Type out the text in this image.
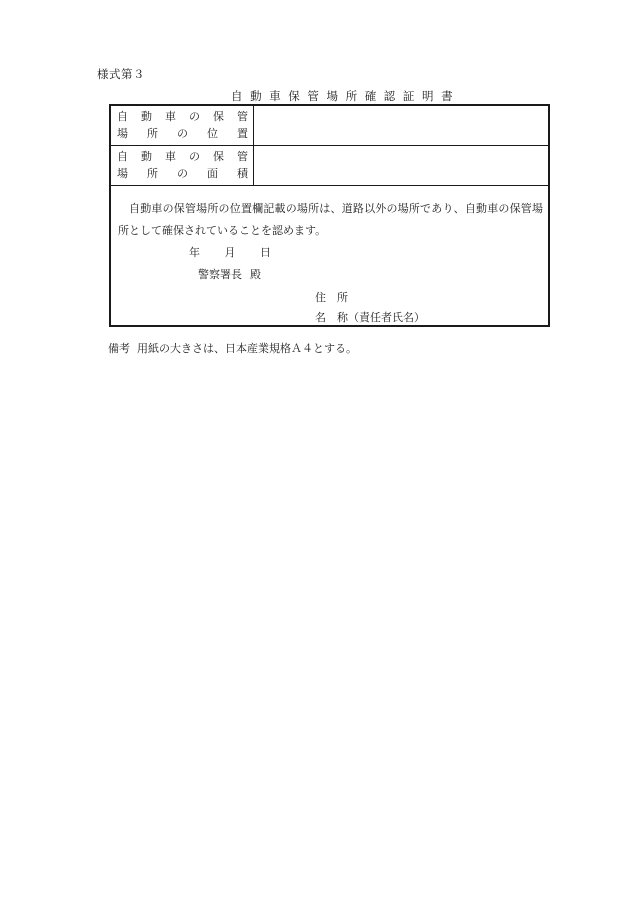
様式第３
自動車保管場所確認証明書
自 動 車 の 保 管
場 所 の 位 置
自 動 車 の 保 管
場 所 の 面 積
自動車の保管場所の位置欄記載の場所は、道路以外の場所であり、自動車の保管場所として確保されていることを認めます。
年 月 日
警察署長 殿
住　所
名　称（責任者氏名）
備考 用紙の大きさは、日本産業規格Ａ４とする。
